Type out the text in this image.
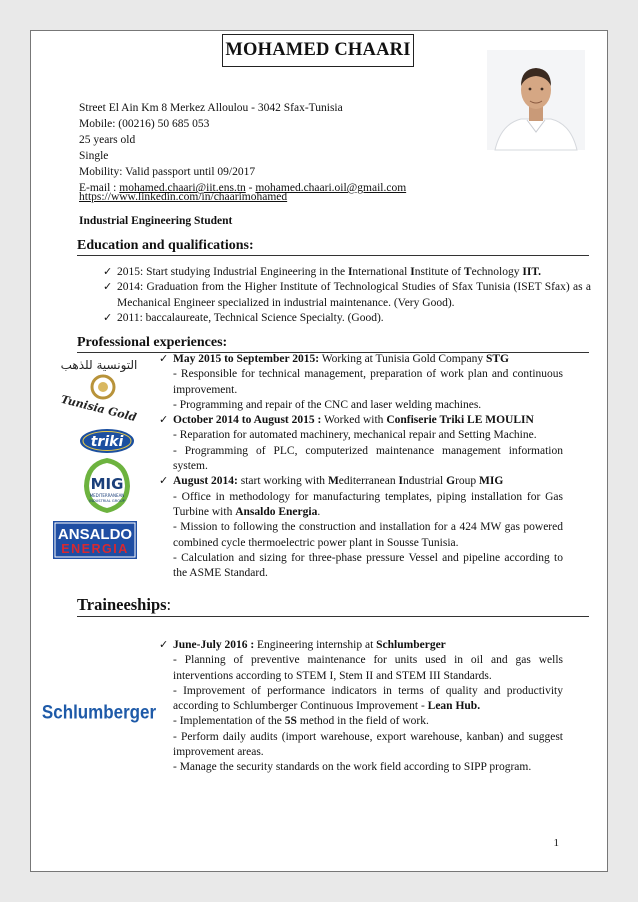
MOHAMED CHAARI
Street El Ain Km 8 Merkez Alloulou - 3042 Sfax-Tunisia
Mobile: (00216) 50 685 053
25 years old
Single
Mobility: Valid passport until 09/2017
E-mail : mohamed.chaari@iit.ens.tn - mohamed.chaari.oil@gmail.com
https://www.linkedin.com/in/chaarimohamed
Industrial Engineering Student
Education and qualifications:
✓ 2015: Start studying Industrial Engineering in the International Institute of Technology IIT.
✓ 2014: Graduation from the Higher Institute of Technological Studies of Sfax Tunisia (ISET Sfax) as a Mechanical Engineer specialized in industrial maintenance. (Very Good).
✓ 2011: baccalaureate, Technical Science Specialty. (Good).
Professional experiences:
التونسية للذهب
Tunisia Gold
triki
MIG
MEDITERRANEAN
INDUSTRIAL GROUP
ANSALDO
ENERGIA
✓ May 2015 to September 2015: Working at Tunisia Gold Company STG
- Responsible for technical management, preparation of work plan and continuous improvement.
- Programming and repair of the CNC and laser welding machines.
✓ October 2014 to August 2015 : Worked with Confiserie Triki LE MOULIN
- Reparation for automated machinery, mechanical repair and Setting Machine.
- Programming of PLC, computerized maintenance management information system.
✓ August 2014: start working with Mediterranean Industrial Group MIG
- Office in methodology for manufacturing templates, piping installation for Gas Turbine with Ansaldo Energia.
- Mission to following the construction and installation for a 424 MW gas powered combined cycle thermoelectric power plant in Sousse Tunisia.
- Calculation and sizing for three-phase pressure Vessel and pipeline according to the ASME Standard.
Traineeships:
Schlumberger
✓ June-July 2016 : Engineering internship at Schlumberger
- Planning of preventive maintenance for units used in oil and gas wells interventions according to STEM I, Stem II and STEM III Standards.
- Improvement of performance indicators in terms of quality and productivity according to Schlumberger Continuous Improvement - Lean Hub.
- Implementation of the 5S method in the field of work.
- Perform daily audits (import warehouse, export warehouse, kanban) and suggest improvement areas.
- Manage the security standards on the work field according to SIPP program.
1
